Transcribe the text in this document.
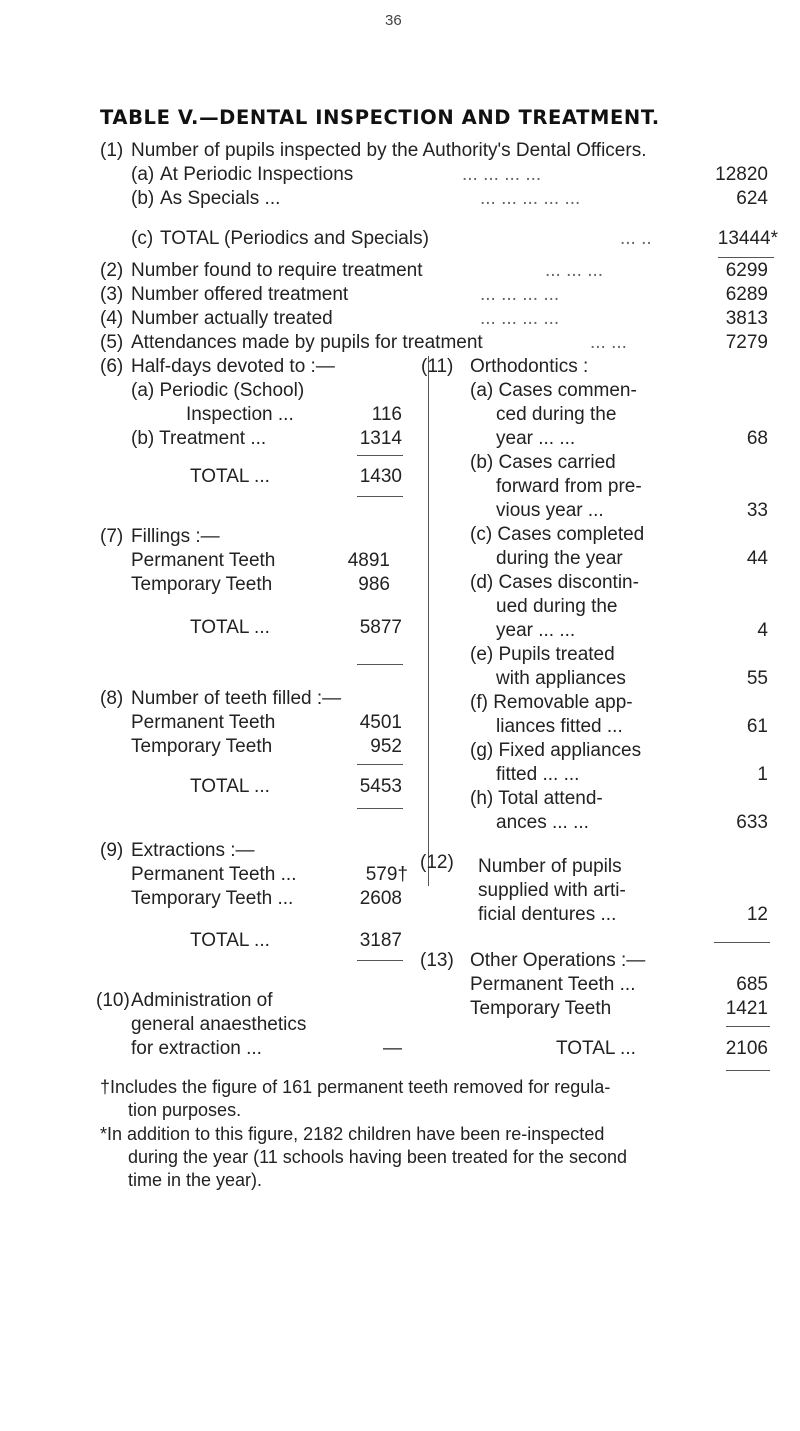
36
TABLE V.—DENTAL INSPECTION AND TREATMENT.
(1) Number of pupils inspected by the Authority's Dental Officers.
(a) At Periodic Inspections	... ... ... ...	12820
(b) As Specials ...	... ... ... ... ...	624
(c) TOTAL (Periodics and Specials)	... ..	13444*
(2) Number found to require treatment	... ... ...	6299
(3) Number offered treatment	... ... ... ...	6289
(4) Number actually treated	... ... ... ...	3813
(5) Attendances made by pupils for treatment	... ...	7279
(6) Half-days devoted to :—
(a) Periodic (School)
Inspection ...	116
(b) Treatment ...	1314
TOTAL ...	1430
(7) Fillings :—
Permanent Teeth	4891
Temporary Teeth	986
TOTAL ...	5877
(8) Number of teeth filled :—
Permanent Teeth	4501
Temporary Teeth	952
TOTAL ...	5453
(9) Extractions :—
Permanent Teeth ...	579†
Temporary Teeth ...	2608
TOTAL ...	3187
(10) Administration of
general anaesthetics
for extraction ...	—
(11) Orthodontics :
(a) Cases commen-
ced during the
year ... ...	68
(b) Cases carried
forward from pre-
vious year ...	33
(c) Cases completed
during the year	44
(d) Cases discontin-
ued during the
year ... ...	4
(e) Pupils treated
with appliances	55
(f) Removable app-
liances fitted ...	61
(g) Fixed appliances
fitted ... ...	1
(h) Total attend-
ances ... ...	633
(12) Number of pupils
supplied with arti-
ficial dentures ...	12
(13) Other Operations :—
Permanent Teeth ...	685
Temporary Teeth	1421
TOTAL ...	2106
†Includes the figure of 161 permanent teeth removed for regula-
tion purposes.
*In addition to this figure, 2182 children have been re-inspected
during the year (11 schools having been treated for the second
time in the year).
